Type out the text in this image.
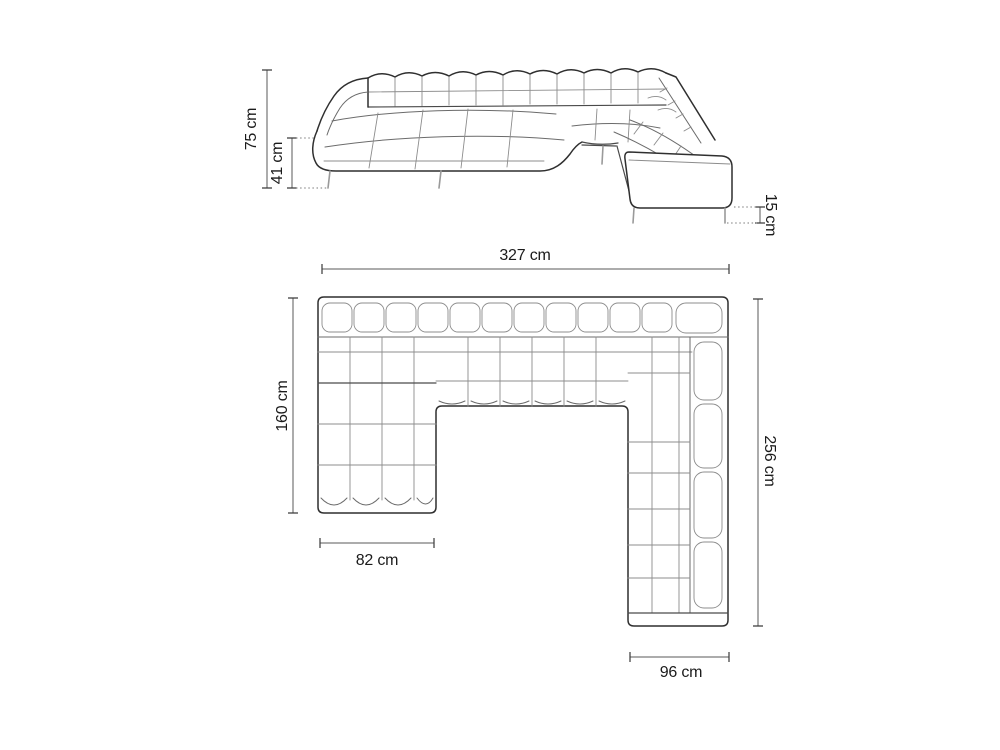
75 cm
41 cm
15 cm
327 cm
160 cm
82 cm
256 cm
96 cm
